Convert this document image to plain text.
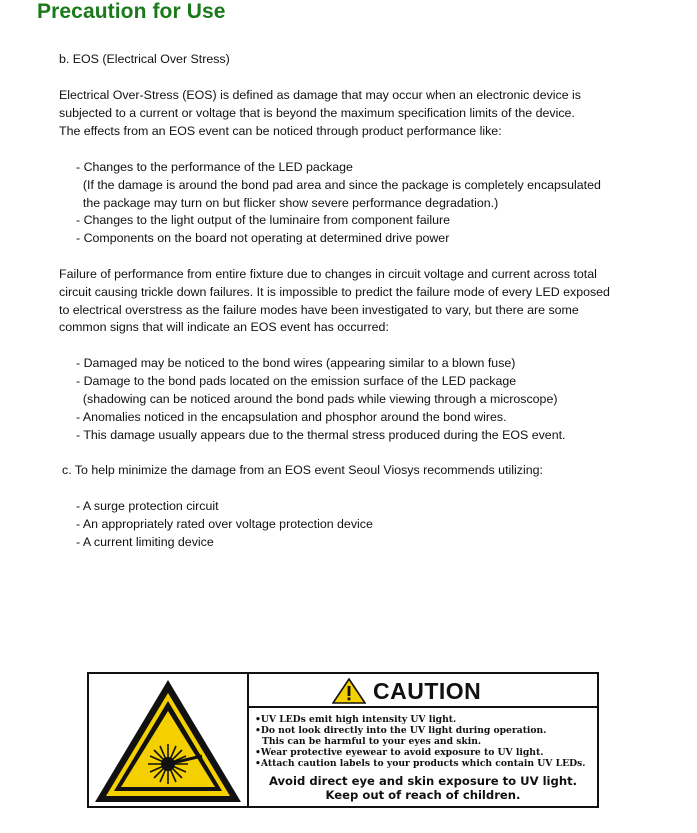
Precaution for Use
b. EOS (Electrical Over Stress)
Electrical Over-Stress (EOS) is defined as damage that may occur when an electronic device is
subjected to a current or voltage that is beyond the maximum specification limits of the device.
The effects from an EOS event can be noticed through product performance like:
- Changes to the performance of the LED package
(If the damage is around the bond pad area and since the package is completely encapsulated
the package may turn on but flicker show severe performance degradation.)
- Changes to the light output of the luminaire from component failure
- Components on the board not operating at determined drive power
Failure of performance from entire fixture due to changes in circuit voltage and current across total
circuit causing trickle down failures. It is impossible to predict the failure mode of every LED exposed
to electrical overstress as the failure modes have been investigated to vary, but there are some
common signs that will indicate an EOS event has occurred:
- Damaged may be noticed to the bond wires (appearing similar to a blown fuse)
- Damage to the bond pads located on the emission surface of the LED package
(shadowing can be noticed around the bond pads while viewing through a microscope)
- Anomalies noticed in the encapsulation and phosphor around the bond wires.
- This damage usually appears due to the thermal stress produced during the EOS event.
c. To help minimize the damage from an EOS event Seoul Viosys recommends utilizing:
- A surge protection circuit
- An appropriately rated over voltage protection device
- A current limiting device
CAUTION
•UV LEDs emit high intensity UV light.
•Do not look directly into the UV light during operation.
This can be harmful to your eyes and skin.
•Wear protective eyewear to avoid exposure to UV light.
•Attach caution labels to your products which contain UV LEDs.
Avoid direct eye and skin exposure to UV light.
Keep out of reach of children.
